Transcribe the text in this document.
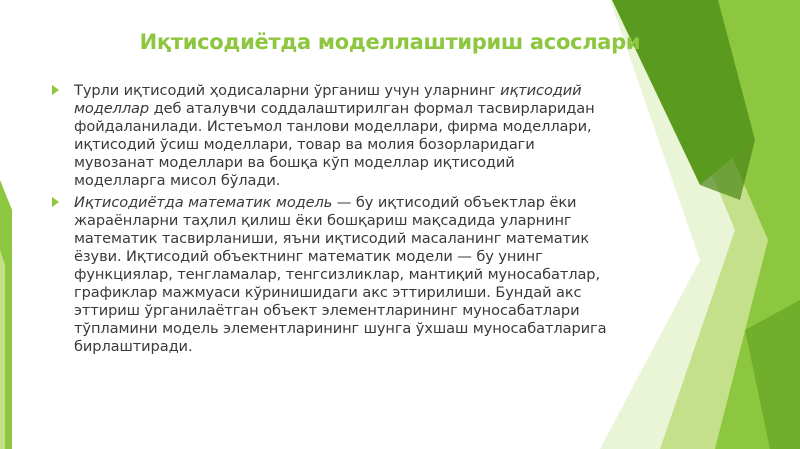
Иқтисодиётда моделлаштириш асослари
Турли иқтисодий ҳодисаларни ўрганиш учун уларнинг иқтисодий моделлар деб аталувчи соддалаштирилган формал тасвирларидан фойдаланилади. Истеъмол танлови моделлари, фирма моделлари, иқтисодий ўсиш моделлари, товар ва молия бозорларидаги мувозанат моделлари ва бошқа кўп моделлар иқтисодий моделларга мисол бўлади.
Иқтисодиётда математик модель — бу иқтисодий объектлар ёки жараёнларни таҳлил қилиш ёки бошқариш мақсадида уларнинг математик тасвирланиши, яъни иқтисодий масаланинг математик ёзуви. Иқтисодий объектнинг математик модели — бу унинг функциялар, тенгламалар, тенгсизликлар, мантиқий муносабатлар, графиклар мажмуаси кўринишидаги акс эттирилиши. Бундай акс эттириш ўрганилаётган объект элементларининг муносабатлари тўпламини модель элементларининг шунга ўхшаш муносабатларига бирлаштиради.
